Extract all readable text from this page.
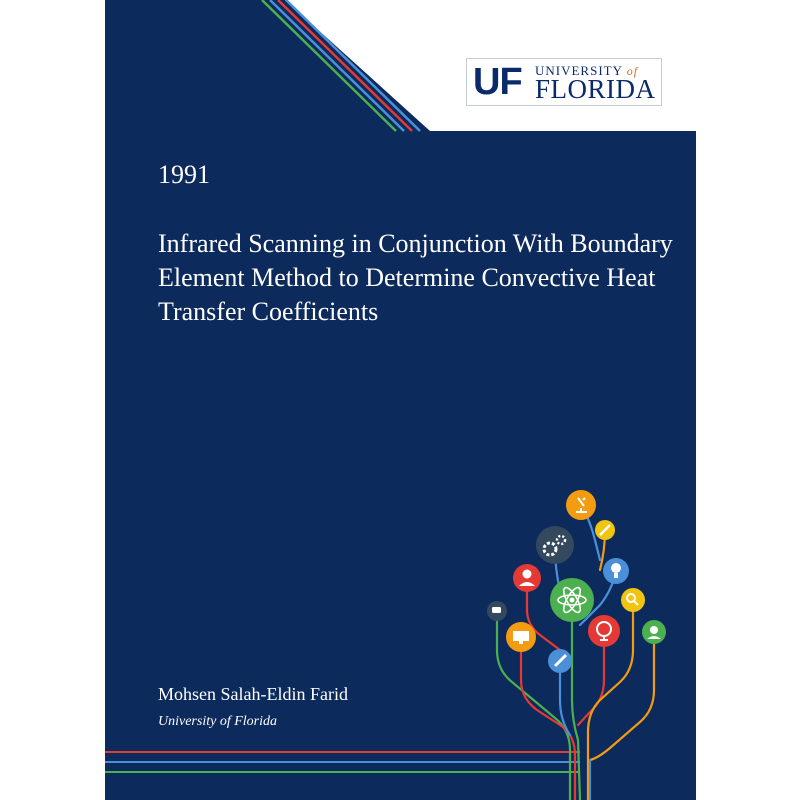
1991
Infrared Scanning in Conjunction With Boundary Element Method to Determine Convective Heat Transfer Coefficients
Mohsen Salah-Eldin Farid
University of Florida
UF UNIVERSITY of
FLORIDA
